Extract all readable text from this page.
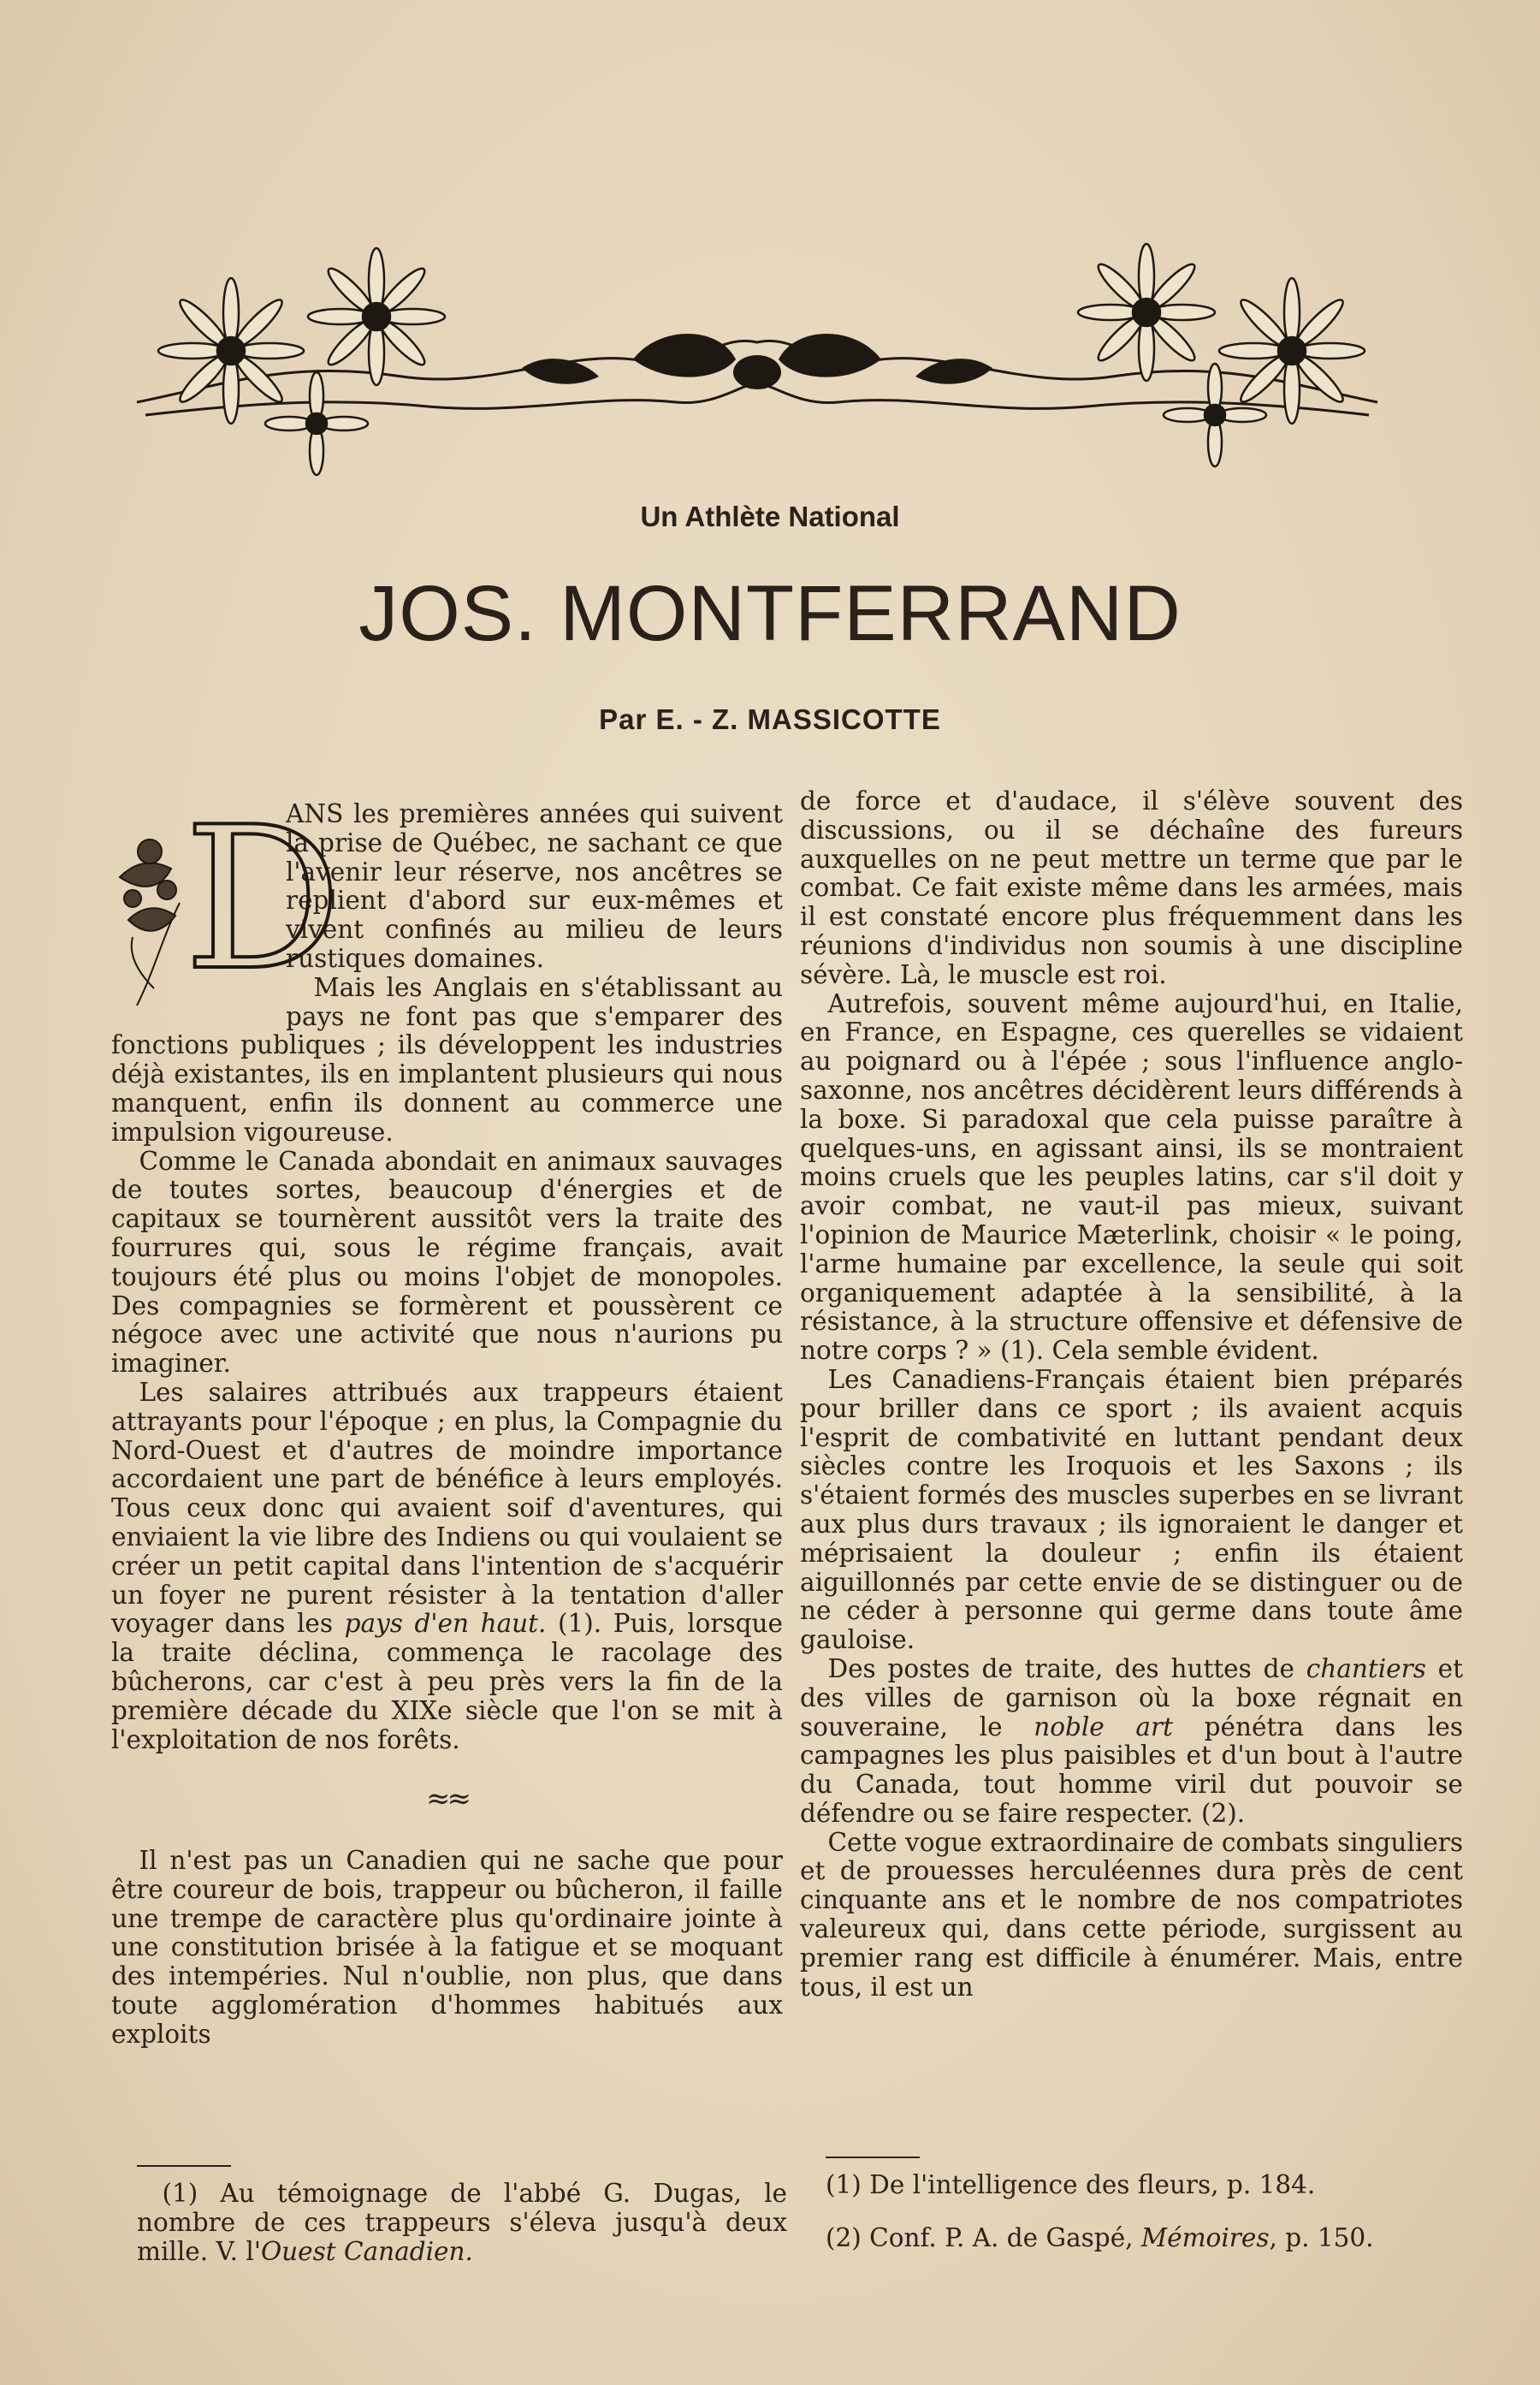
Un Athlète National
JOS. MONTFERRAND
Par E. - Z. MASSICOTTE
D

ANS les premières années qui suivent la prise de Québec, ne sachant ce que l'avenir leur réserve, nos ancêtres se replient d'abord sur eux-mêmes et vivent confinés au milieu de leurs rustiques domaines.

Mais les Anglais en s'établissant au pays ne font pas que s'emparer des fonctions publiques ; ils développent les industries déjà existantes, ils en implantent plusieurs qui nous manquent, enfin ils donnent au commerce une impulsion vigoureuse.

Comme le Canada abondait en animaux sauvages de toutes sortes, beaucoup d'énergies et de capitaux se tournèrent aussitôt vers la traite des fourrures qui, sous le régime français, avait toujours été plus ou moins l'objet de monopoles. Des compagnies se formèrent et poussèrent ce négoce avec une activité que nous n'aurions pu imaginer.

Les salaires attribués aux trappeurs étaient attrayants pour l'époque ; en plus, la Compagnie du Nord-Ouest et d'autres de moindre importance accordaient une part de bénéfice à leurs employés. Tous ceux donc qui avaient soif d'aventures, qui enviaient la vie libre des Indiens ou qui voulaient se créer un petit capital dans l'intention de s'acquérir un foyer ne purent résister à la tentation d'aller voyager dans les pays d'en haut. (1). Puis, lorsque la traite déclina, commença le racolage des bûcherons, car c'est à peu près vers la fin de la première décade du XIXe siècle que l'on se mit à l'exploitation de nos forêts.

≈≈

Il n'est pas un Canadien qui ne sache que pour être coureur de bois, trappeur ou bûcheron, il faille une trempe de caractère plus qu'ordinaire jointe à une constitution brisée à la fatigue et se moquant des intempéries. Nul n'oublie, non plus, que dans toute agglomération d'hommes habitués aux exploits

de force et d'audace, il s'élève souvent des discussions, ou il se déchaîne des fureurs auxquelles on ne peut mettre un terme que par le combat. Ce fait existe même dans les armées, mais il est constaté encore plus fréquemment dans les réunions d'individus non soumis à une discipline sévère. Là, le muscle est roi.

Autrefois, souvent même aujourd'hui, en Italie, en France, en Espagne, ces querelles se vidaient au poignard ou à l'épée ; sous l'influence anglo-saxonne, nos ancêtres décidèrent leurs différends à la boxe. Si paradoxal que cela puisse paraître à quelques-uns, en agissant ainsi, ils se montraient moins cruels que les peuples latins, car s'il doit y avoir combat, ne vaut-il pas mieux, suivant l'opinion de Maurice Mæterlink, choisir « le poing, l'arme humaine par excellence, la seule qui soit organiquement adaptée à la sensibilité, à la résistance, à la structure offensive et défensive de notre corps ? » (1). Cela semble évident.

Les Canadiens-Français étaient bien préparés pour briller dans ce sport ; ils avaient acquis l'esprit de combativité en luttant pendant deux siècles contre les Iroquois et les Saxons ; ils s'étaient formés des muscles superbes en se livrant aux plus durs travaux ; ils ignoraient le danger et méprisaient la douleur ; enfin ils étaient aiguillonnés par cette envie de se distinguer ou de ne céder à personne qui germe dans toute âme gauloise.

Des postes de traite, des huttes de chantiers et des villes de garnison où la boxe régnait en souveraine, le noble art pénétra dans les campagnes les plus paisibles et d'un bout à l'autre du Canada, tout homme viril dut pouvoir se défendre ou se faire respecter. (2).

Cette vogue extraordinaire de combats singuliers et de prouesses herculéennes dura près de cent cinquante ans et le nombre de nos compatriotes valeureux qui, dans cette période, surgissent au premier rang est difficile à énumérer. Mais, entre tous, il est un

(1) Au témoignage de l'abbé G. Dugas, le nombre de ces trappeurs s'éleva jusqu'à deux mille. V. l'Ouest Canadien.

(1) De l'intelligence des fleurs, p. 184.

(2) Conf. P. A. de Gaspé, Mémoires, p. 150.
